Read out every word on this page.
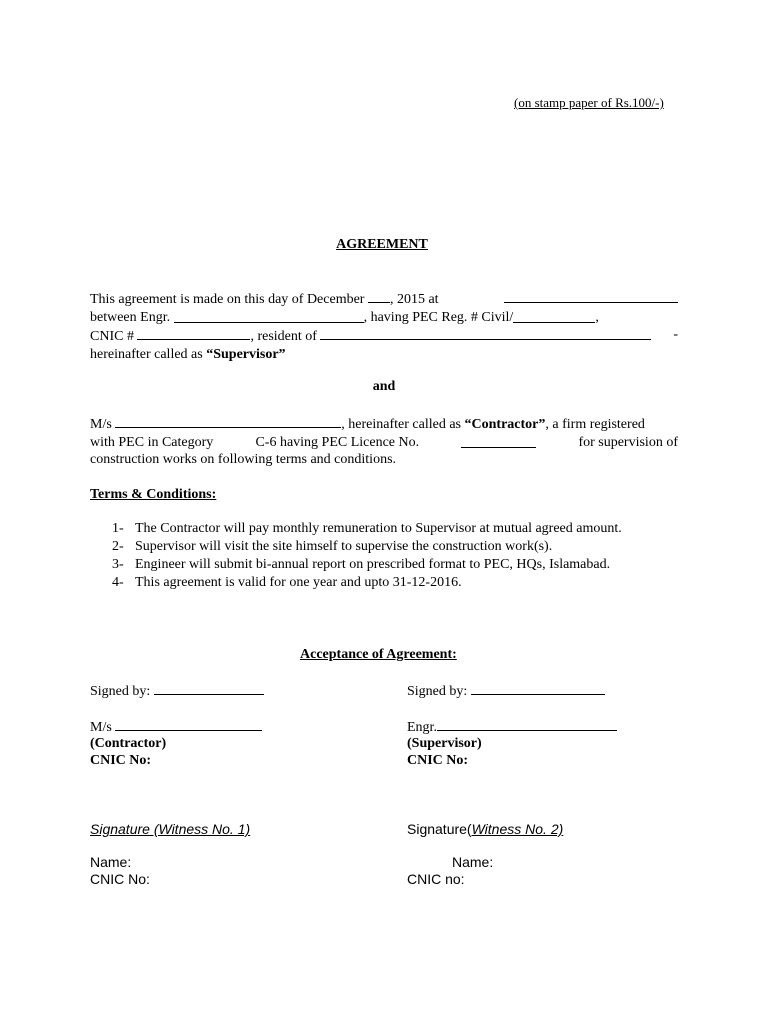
(on stamp paper of Rs.100/-)
AGREEMENT
This agreement is made on this day of December , 2015 at
between Engr.
	, having PEC Reg. # Civil/	,
CNIC #	, resident of	-
hereinafter called as “Supervisor”
and
M/s	, hereinafter called as “Contractor”, a firm registered
with PEC in Category	C-6 having PEC Licence No.	for supervision of
construction works on following terms and conditions.
Terms & Conditions:
1- The Contractor will pay monthly remuneration to Supervisor at mutual agreed amount.
2- Supervisor will visit the site himself to supervise the construction work(s).
3- Engineer will submit bi-annual report on prescribed format to PEC, HQs, Islamabad.
4- This agreement is valid for one year and upto 31-12-2016.
Acceptance of Agreement:
Signed by:
M/s
(Contractor)
CNIC No:
Signed by:
Engr.
(Supervisor)
CNIC No:
Signature (Witness No. 1)
Name:
CNIC No:
Signature(Witness No. 2)
Name:
CNIC no:
